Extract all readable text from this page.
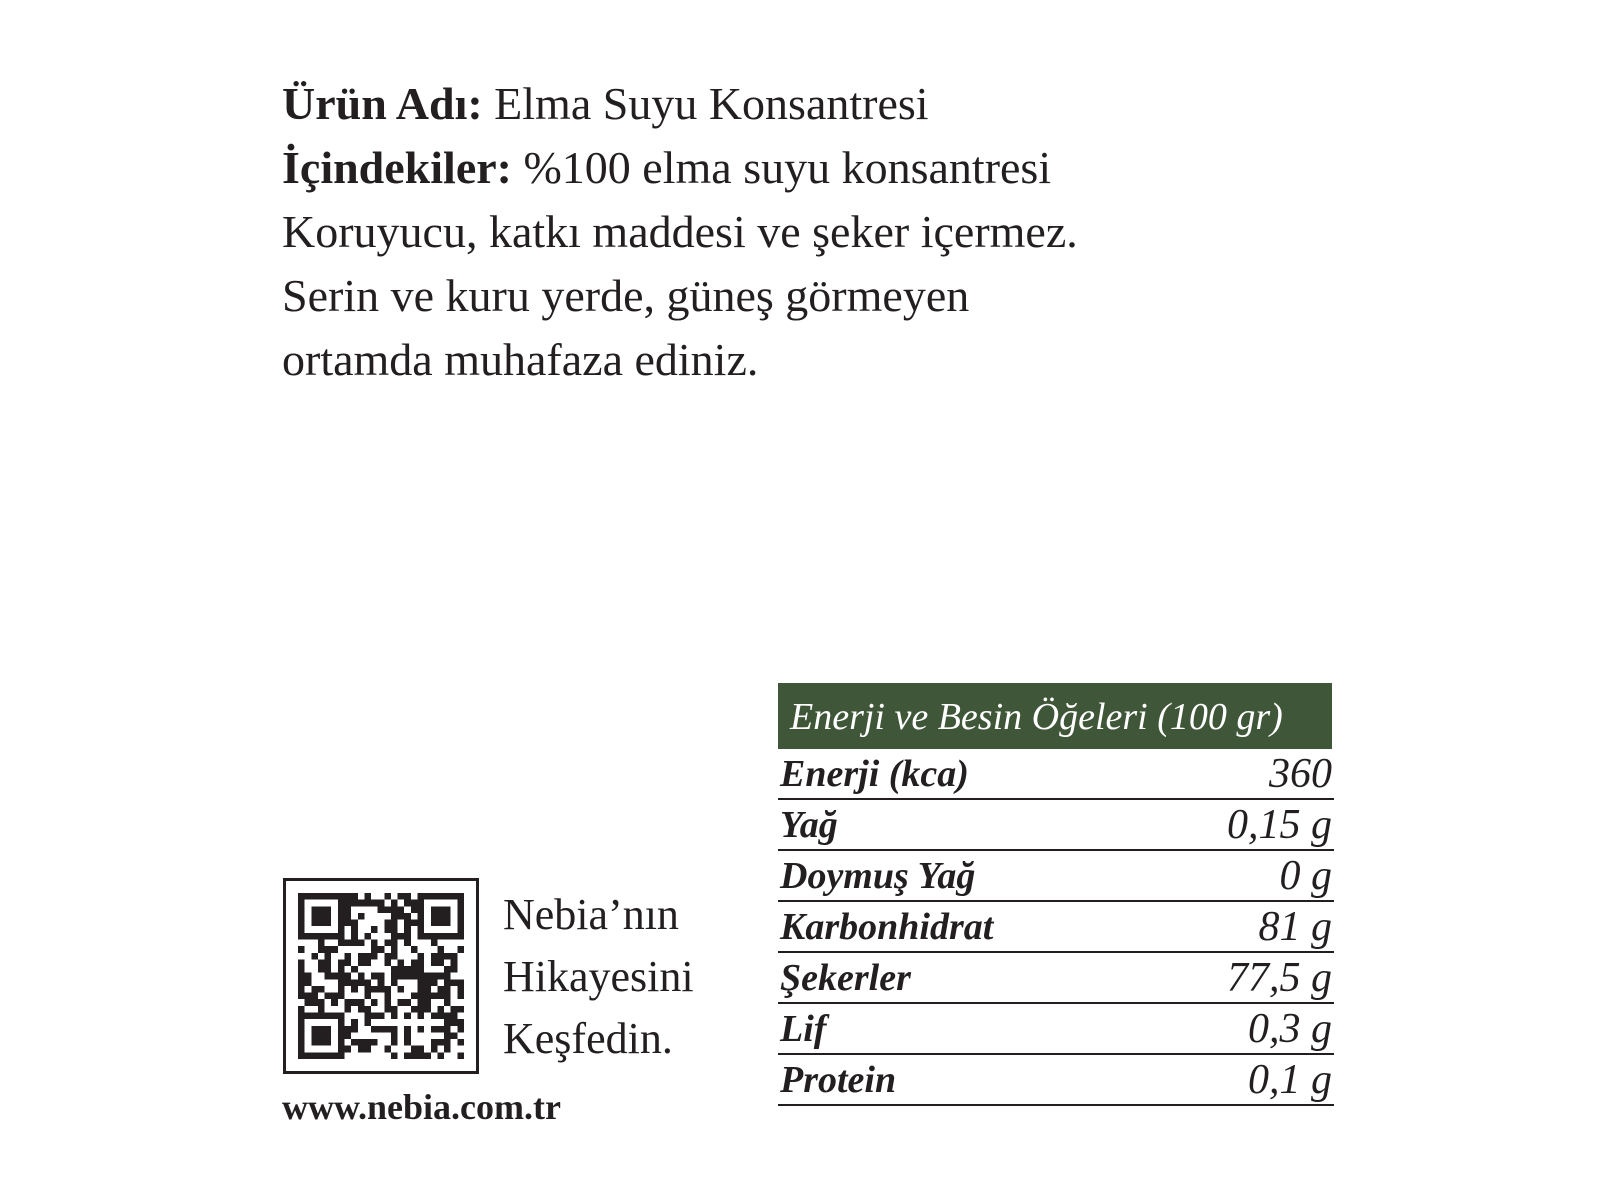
Ürün Adı: Elma Suyu Konsantresi
İçindekiler: %100 elma suyu konsantresi
Koruyucu, katkı maddesi ve şeker içermez.
Serin ve kuru yerde, güneş görmeyen
ortamda muhafaza ediniz.
Nebia’nın
Hikayesini
Keşfedin.
www.nebia.com.tr
Enerji ve Besin Öğeleri (100 gr)
Enerji (kca)	360
Yağ	0,15 g
Doymuş Yağ	0 g
Karbonhidrat	81 g
Şekerler	77,5 g
Lif	0,3 g
Protein	0,1 g
